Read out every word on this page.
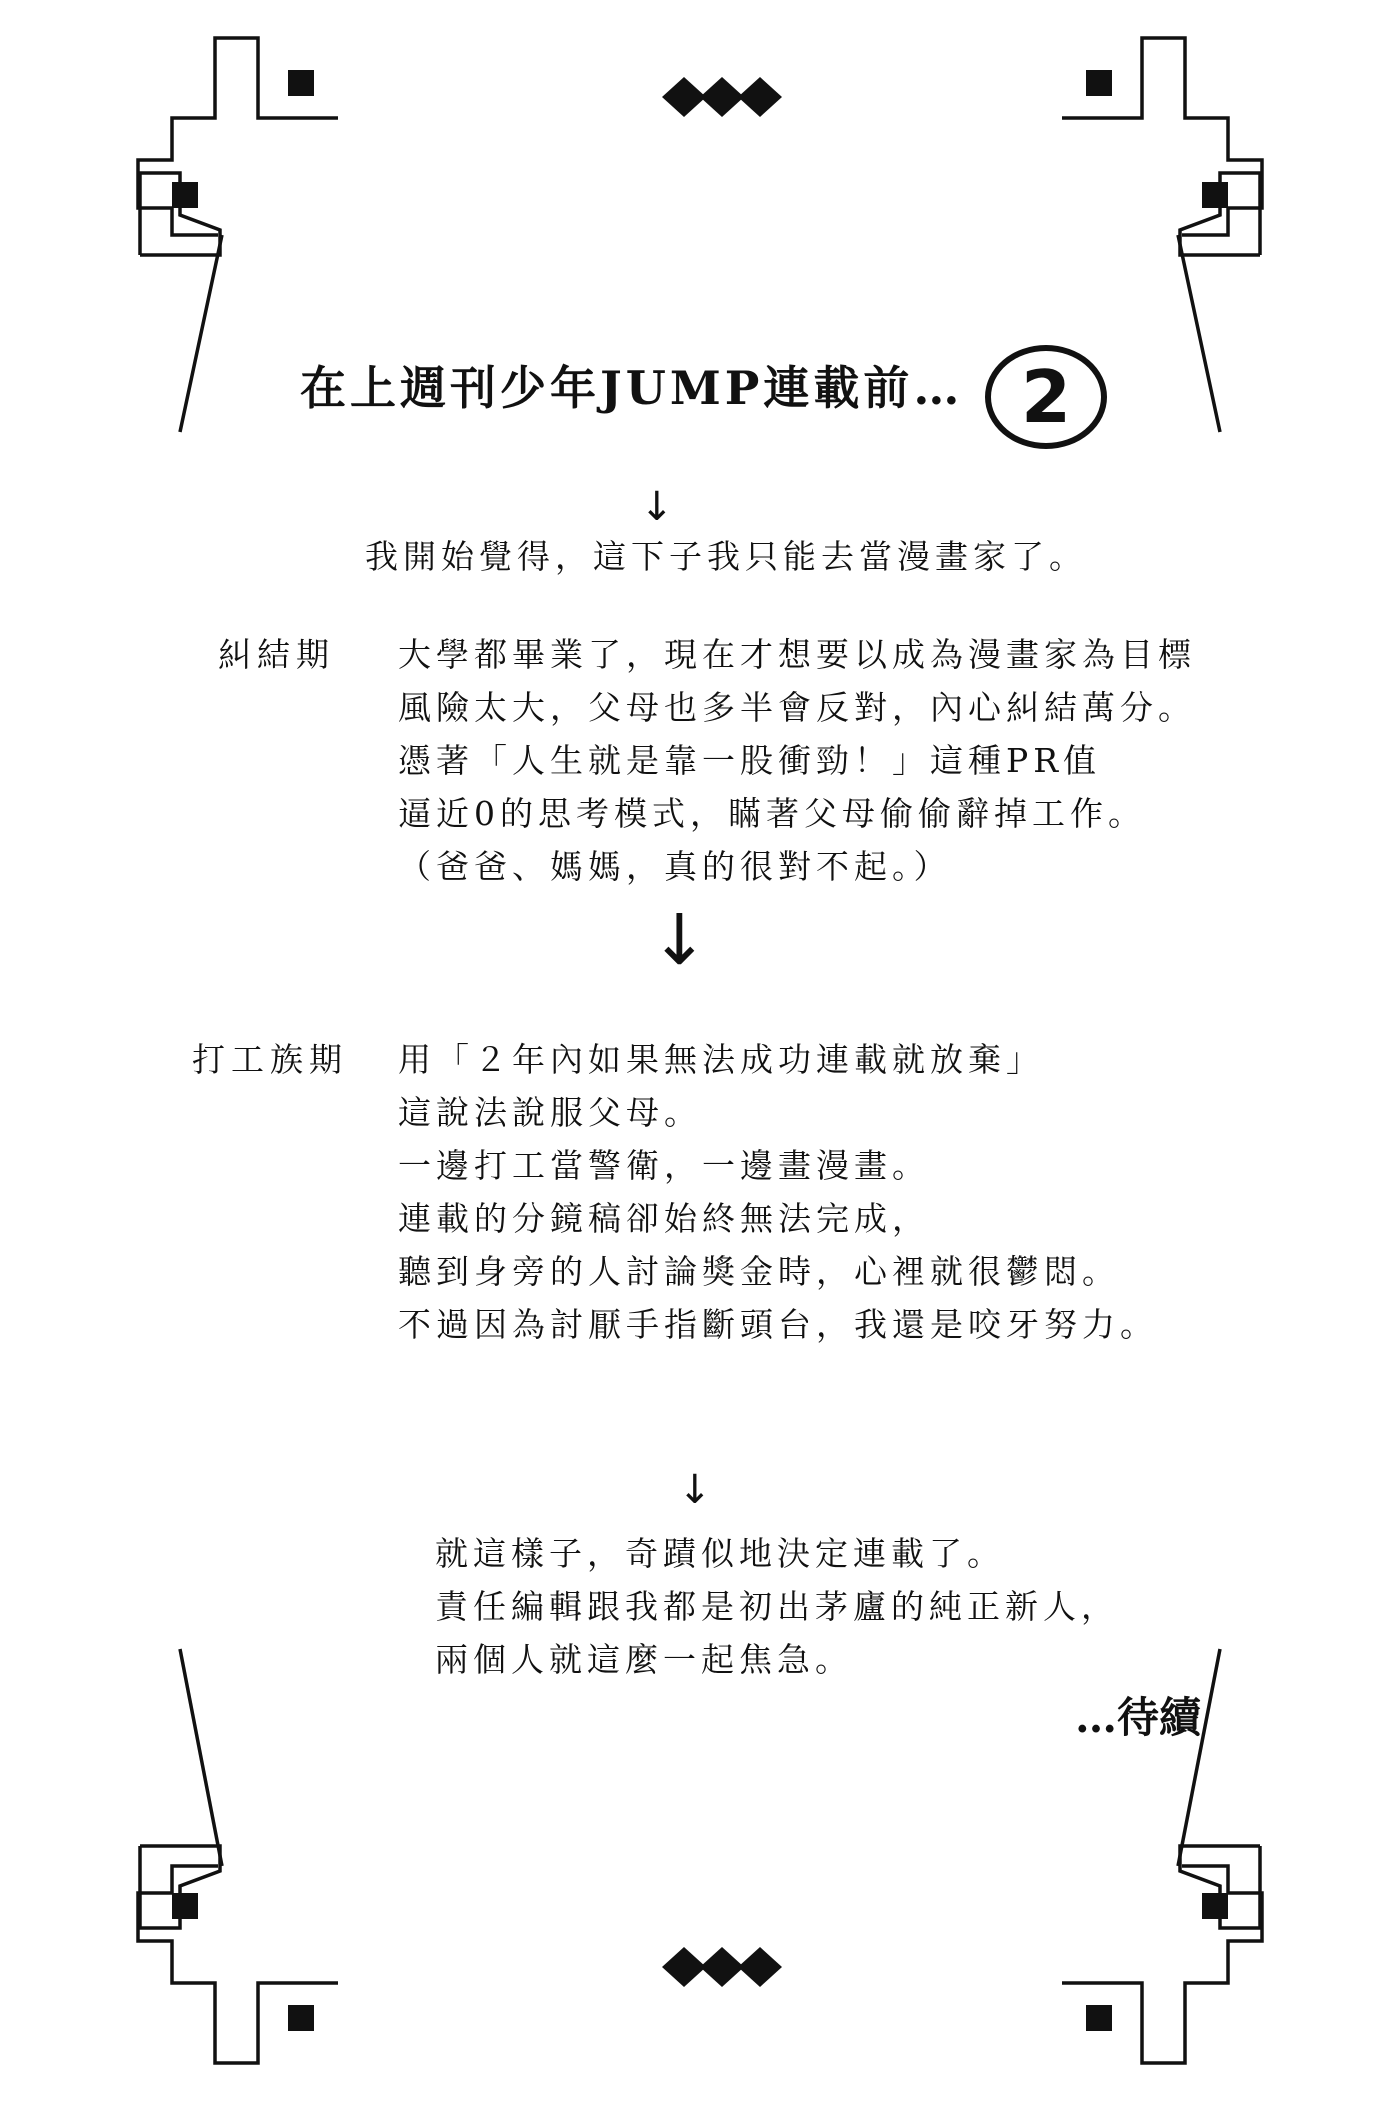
在上週刊少年JUMP連載前… 2
↓
我開始覺得，這下子我只能去當漫畫家了。
糾結期 大學都畢業了，現在才想要以成為漫畫家為目標
風險太大，父母也多半會反對，內心糾結萬分。
憑著「人生就是靠一股衝勁！」這種PR值
逼近0的思考模式，瞞著父母偷偷辭掉工作。
（爸爸、媽媽，真的很對不起。）
↓
打工族期 用「２年內如果無法成功連載就放棄」
這說法說服父母。
一邊打工當警衛，一邊畫漫畫。
連載的分鏡稿卻始終無法完成，
聽到身旁的人討論獎金時，心裡就很鬱悶。
不過因為討厭手指斷頭台，我還是咬牙努力。
↓
就這樣子，奇蹟似地決定連載了。
責任編輯跟我都是初出茅廬的純正新人，
兩個人就這麼一起焦急。
…待續
